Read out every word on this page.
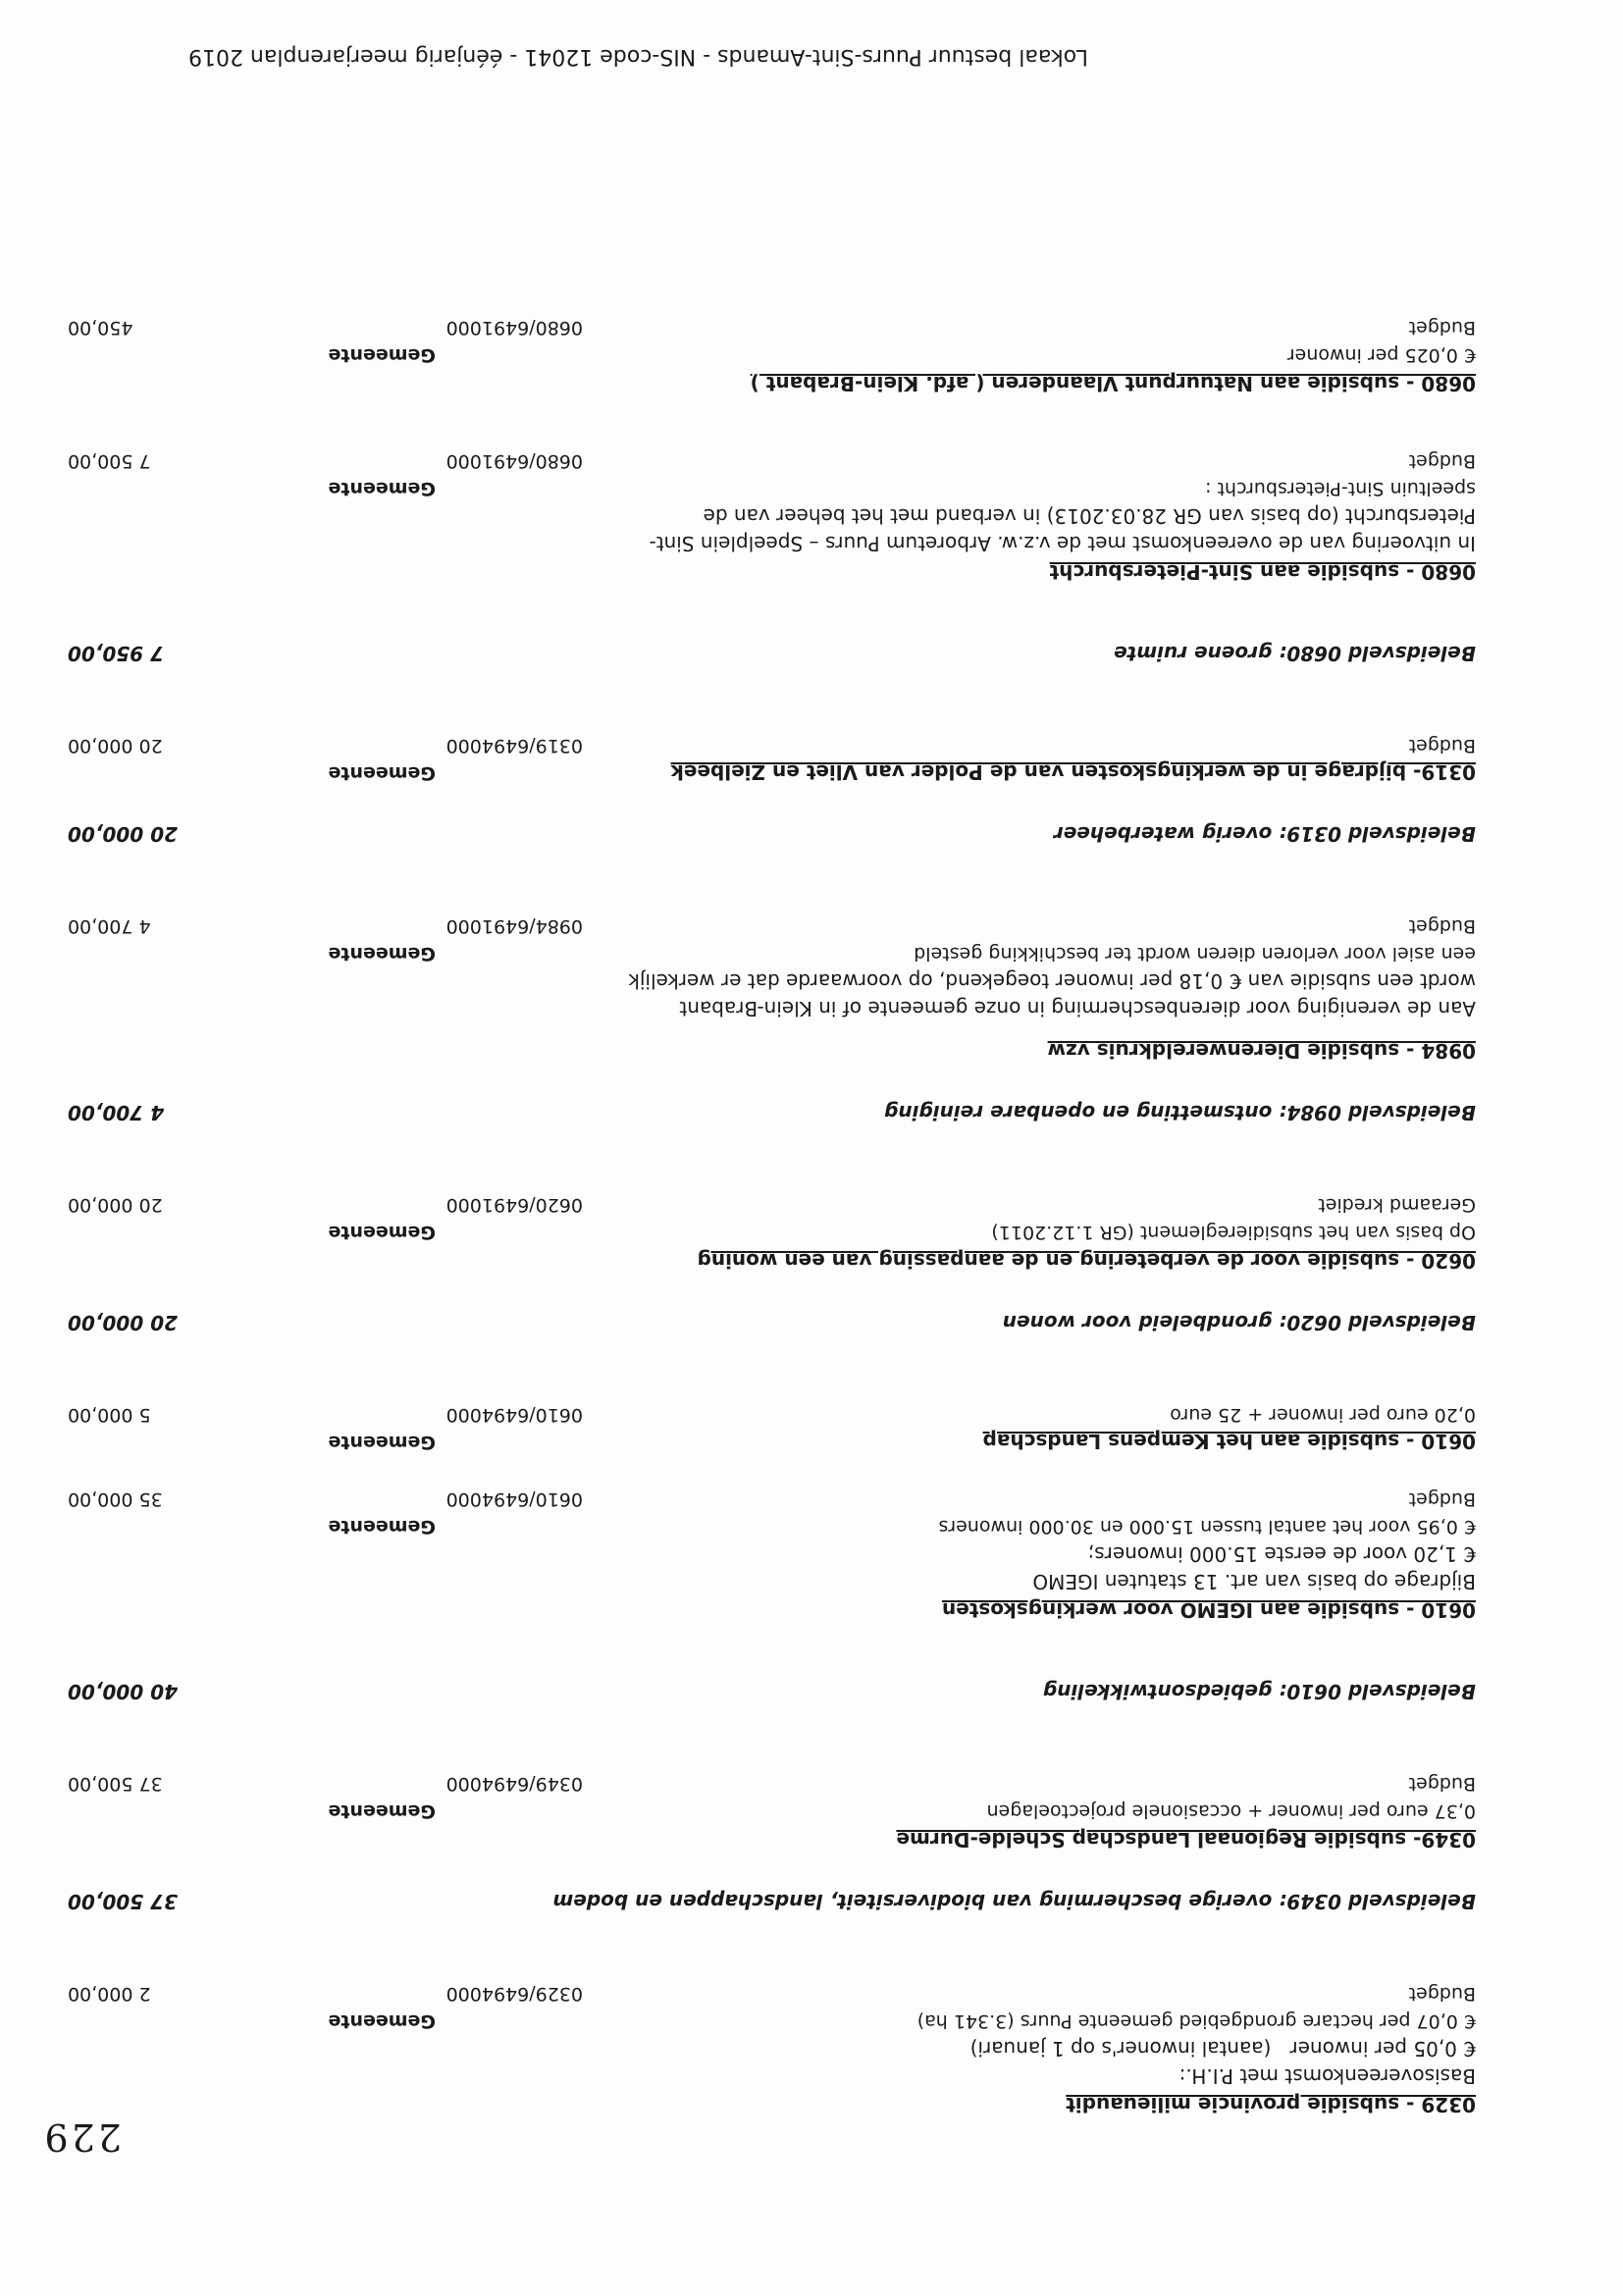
229
0329 - subsidie provincie milieuaudit
Basisovereenkomst met P.I.H.:
€ 0,05 per inwoner   (aantal inwoner's op 1 januari)
€ 0,07 per hectare grondgebied gemeente Puurs (3.341 ha)
Gemeente
Budget
0329/6494000
2 000,00
Beleidsveld 0349: overige bescherming van biodiversiteit, landschappen en bodem
37 500,00
0349- subsidie Regionaal Landschap Schelde-Durme
0,37 euro per inwoner + occasionele projectoelagen
Gemeente
Budget
0349/6494000
37 500,00
Beleidsveld 0610: gebiedsontwikkeling
40 000,00
0610 - subsidie aan IGEMO voor werkingskosten
Bijdrage op basis van art. 13 statuten IGEMO
€ 1,20 voor de eerste 15.000 inwoners;
€ 0,95 voor het aantal tussen 15.000 en 30.000 inwoners
Gemeente
Budget
0610/6494000
35 000,00
0610 - subsidie aan het Kempens Landschap
Gemeente
0,20 euro per inwoner + 25 euro
0610/6494000
5 000,00
Beleidsveld 0620: grondbeleid voor wonen
20 000,00
0620 - subsidie voor de verbetering en de aanpassing van een woning
Op basis van het subsidiereglement (GR 1.12.2011)
Gemeente
Geraamd krediet
0620/6491000
20 000,00
Beleidsveld 0984: ontsmetting en openbare reiniging
4 700,00
0984 - subsidie Dierenwereldkruis vzw
Aan de vereniging voor dierenbescherming in onze gemeente of in Klein-Brabant
wordt een subsidie van € 0,18 per inwoner toegekend, op voorwaarde dat er werkelijk
een asiel voor verloren dieren wordt ter beschikking gesteld
Gemeente
Budget
0984/6491000
4 700,00
Beleidsveld 0319: overig waterbeheer
20 000,00
0319- bijdrage in de werkingskosten van de Polder van Vliet en Zielbeek
Gemeente
Budget
0319/6494000
20 000,00
Beleidsveld 0680: groene ruimte
7 950,00
0680 - subsidie aan Sint-Pietersburcht
In uitvoering van de overeenkomst met de v.z.w. Arboretum Puurs – Speelplein Sint-
Pietersburcht (op basis van GR 28.03.2013) in verband met het beheer van de
speeltuin Sint-Pietersburcht :
Gemeente
Budget
0680/6491000
7 500,00
0680 - subsidie aan Natuurpunt Vlaanderen ( afd. Klein-Brabant )
€ 0,025 per inwoner
Gemeente
Budget
0680/6491000
450,00
Lokaal bestuur Puurs-Sint-Amands - NIS-code 12041 - éénjarig meerjarenplan 2019
